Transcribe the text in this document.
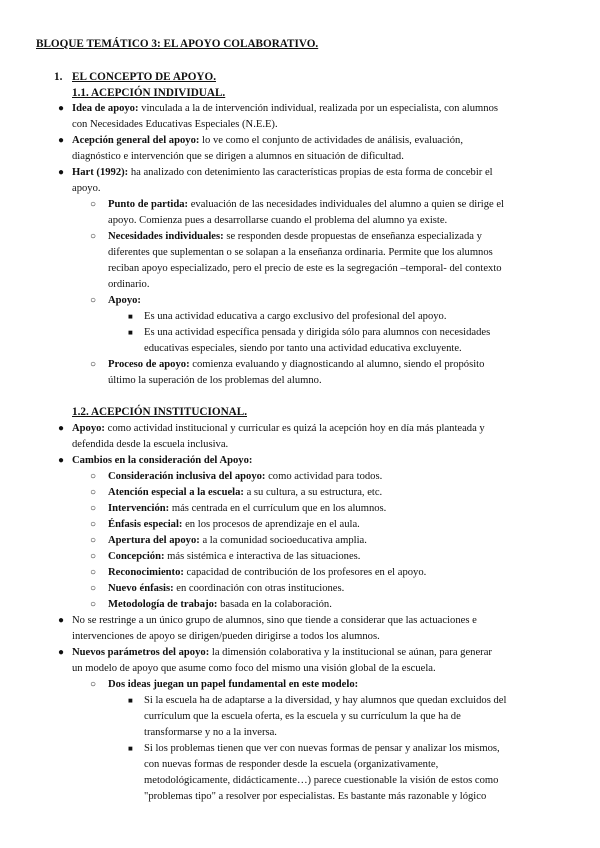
BLOQUE TEMÁTICO 3: EL APOYO COLABORATIVO.
1. EL CONCEPTO DE APOYO.
1.1. ACEPCIÓN INDIVIDUAL.
● Idea de apoyo: vinculada a la de intervención individual, realizada por un especialista, con alumnos
con Necesidades Educativas Especiales (N.E.E).
● Acepción general del apoyo: lo ve como el conjunto de actividades de análisis, evaluación,
diagnóstico e intervención que se dirigen a alumnos en situación de dificultad.
● Hart (1992): ha analizado con detenimiento las características propias de esta forma de concebir el
apoyo.
○ Punto de partida: evaluación de las necesidades individuales del alumno a quien se dirige el
apoyo. Comienza pues a desarrollarse cuando el problema del alumno ya existe.
○ Necesidades individuales: se responden desde propuestas de enseñanza especializada y
diferentes que suplementan o se solapan a la enseñanza ordinaria. Permite que los alumnos
reciban apoyo especializado, pero el precio de este es la segregación –temporal- del contexto
ordinario.
○ Apoyo:
■ Es una actividad educativa a cargo exclusivo del profesional del apoyo.
■ Es una actividad específica pensada y dirigida sólo para alumnos con necesidades
educativas especiales, siendo por tanto una actividad educativa excluyente.
○ Proceso de apoyo: comienza evaluando y diagnosticando al alumno, siendo el propósito
último la superación de los problemas del alumno.
1.2. ACEPCIÓN INSTITUCIONAL.
● Apoyo: como actividad institucional y curricular es quizá la acepción hoy en día más planteada y
defendida desde la escuela inclusiva.
● Cambios en la consideración del Apoyo:
○ Consideración inclusiva del apoyo: como actividad para todos.
○ Atención especial a la escuela: a su cultura, a su estructura, etc.
○ Intervención: más centrada en el currículum que en los alumnos.
○ Énfasis especial: en los procesos de aprendizaje en el aula.
○ Apertura del apoyo: a la comunidad socioeducativa amplia.
○ Concepción: más sistémica e interactiva de las situaciones.
○ Reconocimiento: capacidad de contribución de los profesores en el apoyo.
○ Nuevo énfasis: en coordinación con otras instituciones.
○ Metodología de trabajo: basada en la colaboración.
● No se restringe a un único grupo de alumnos, sino que tiende a considerar que las actuaciones e
intervenciones de apoyo se dirigen/pueden dirigirse a todos los alumnos.
● Nuevos parámetros del apoyo: la dimensión colaborativa y la institucional se aúnan, para generar
un modelo de apoyo que asume como foco del mismo una visión global de la escuela.
○ Dos ideas juegan un papel fundamental en este modelo:
■ Si la escuela ha de adaptarse a la diversidad, y hay alumnos que quedan excluidos del
currículum que la escuela oferta, es la escuela y su currículum la que ha de
transformarse y no a la inversa.
■ Si los problemas tienen que ver con nuevas formas de pensar y analizar los mismos,
con nuevas formas de responder desde la escuela (organizativamente,
metodológicamente, didácticamente…) parece cuestionable la visión de estos como
"problemas tipo" a resolver por especialistas. Es bastante más razonable y lógico
